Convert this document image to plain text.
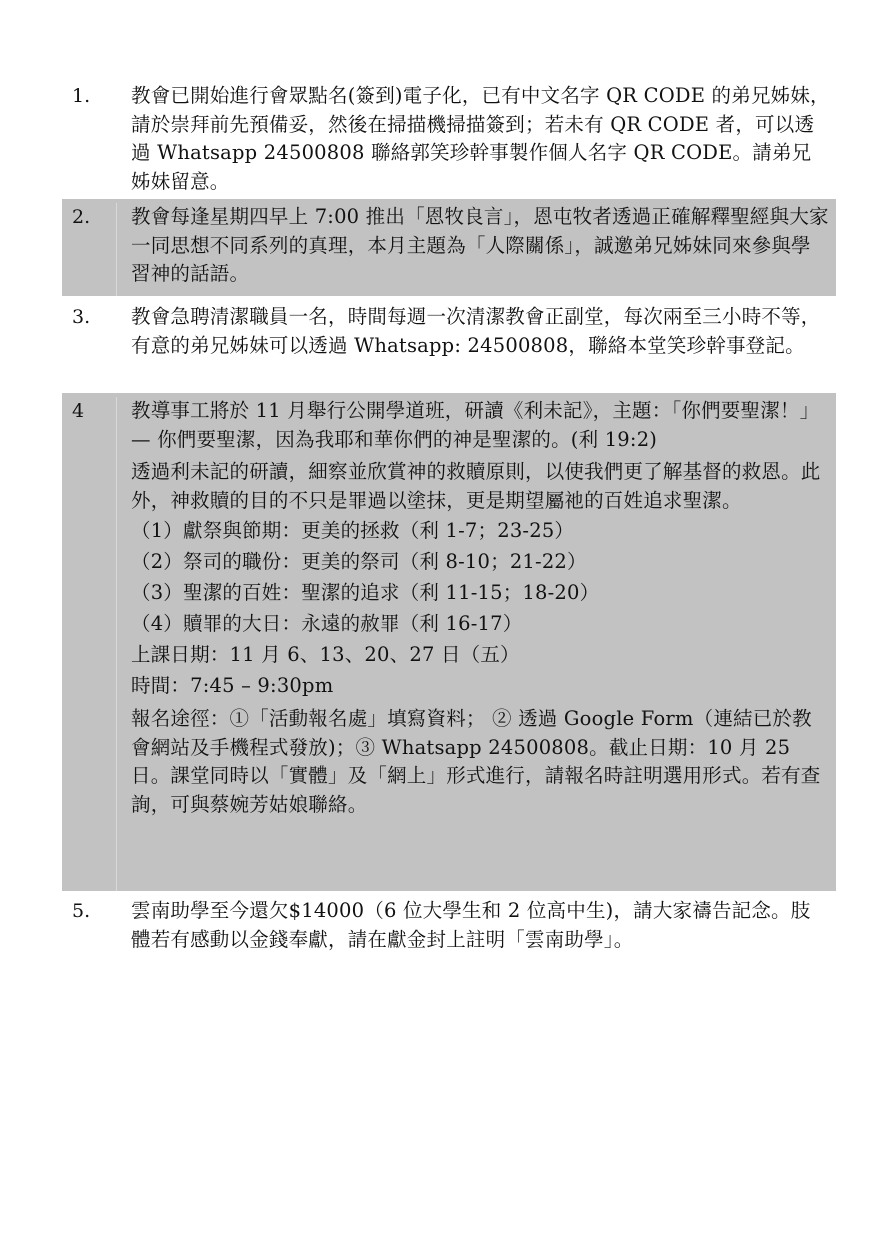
1.	教會已開始進行會眾點名(簽到)電子化，已有中文名字 QR CODE 的弟兄姊妹，請於崇拜前先預備妥，然後在掃描機掃描簽到；若未有 QR CODE 者，可以透過 Whatsapp 24500808 聯絡郭笑珍幹事製作個人名字 QR CODE。請弟兄姊妹留意。

2.	教會每逢星期四早上 7:00 推出「恩牧良言」，恩屯牧者透過正確解釋聖經與大家一同思想不同系列的真理，本月主題為「人際關係」，誠邀弟兄姊妹同來參與學習神的話語。

3.	教會急聘清潔職員一名，時間每週一次清潔教會正副堂，每次兩至三小時不等，有意的弟兄姊妹可以透過 Whatsapp: 24500808，聯絡本堂笑珍幹事登記。

4	教導事工將於 11 月舉行公開學道班，研讀《利未記》，主題：「你們要聖潔！」— 你們要聖潔，因為我耶和華你們的神是聖潔的。(利 19:2)

透過利未記的研讀，細察並欣賞神的救贖原則，以使我們更了解基督的救恩。此外，神救贖的目的不只是罪過以塗抹，更是期望屬祂的百姓追求聖潔。

（1）獻祭與節期：更美的拯救（利 1-7；23-25）

（2）祭司的職份：更美的祭司（利 8-10；21-22）

（3）聖潔的百姓：聖潔的追求（利 11-15；18-20）

（4）贖罪的大日：永遠的赦罪（利 16-17）

上課日期：11 月 6、13、20、27 日（五）

時間：7:45 – 9:30pm

報名途徑：①「活動報名處」填寫資料； ② 透過 Google Form（連結已於教會網站及手機程式發放)；③ Whatsapp 24500808。截止日期：10 月 25 日。課堂同時以「實體」及「網上」形式進行，請報名時註明選用形式。若有查詢，可與蔡婉芳姑娘聯絡。

5.	雲南助學至今還欠$14000（6 位大學生和 2 位高中生)，請大家禱告記念。肢體若有感動以金錢奉獻，請在獻金封上註明「雲南助學」。
